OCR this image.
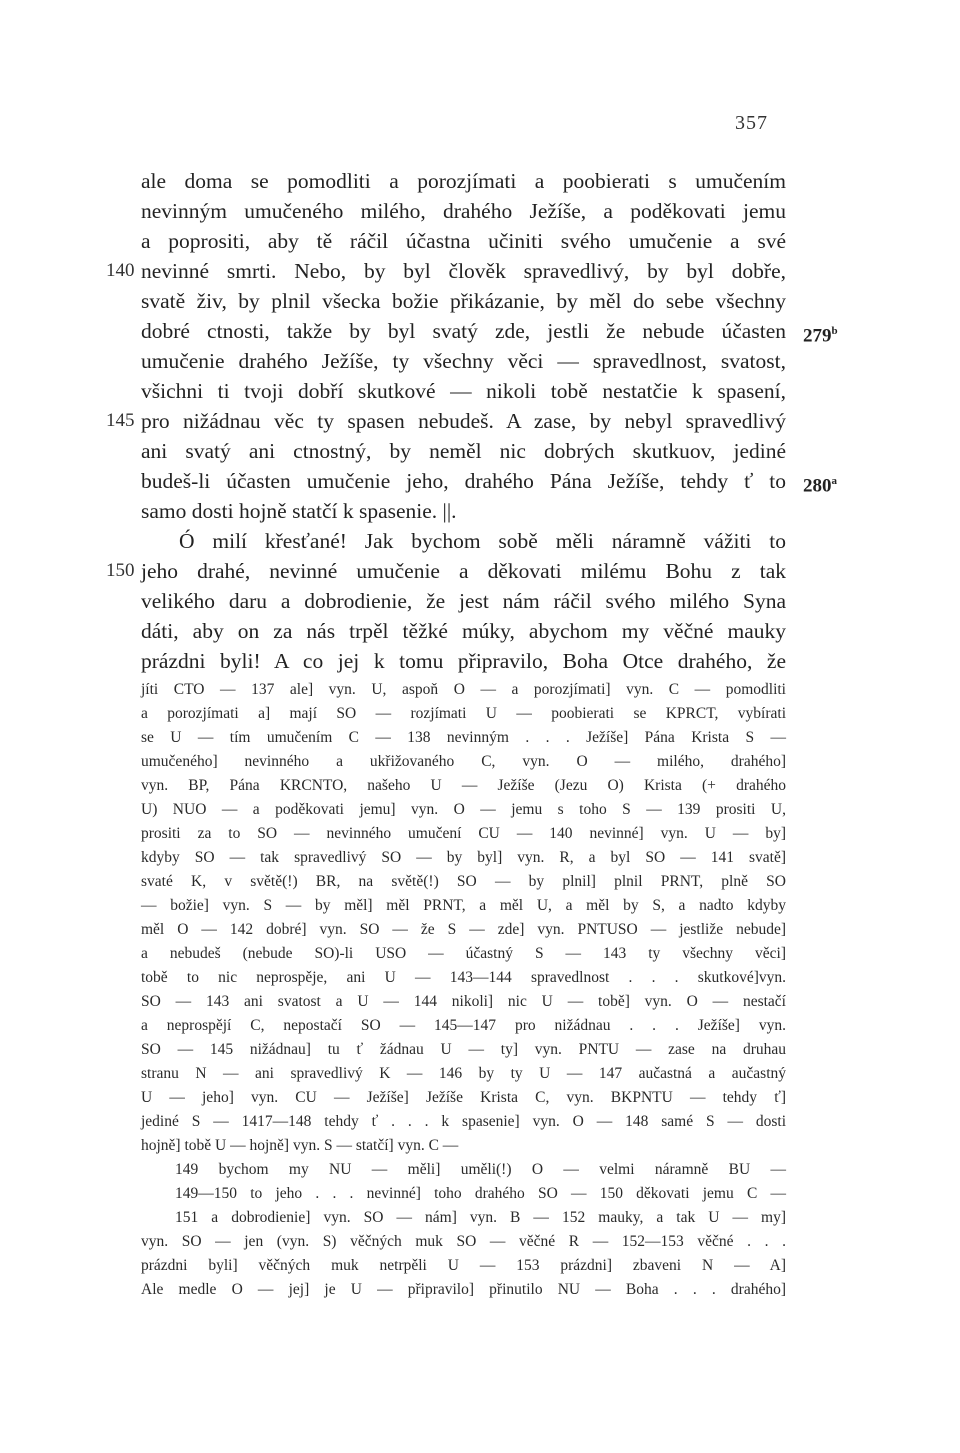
357
ale doma se pomodliti a porozjímati a poobierati s umučením
nevinným umučeného milého, drahého Ježíše, a poděkovati jemu
a poprositi, aby tě ráčil účastna učiniti svého umučenie a své
nevinné smrti. Nebo, by byl člověk spravedlivý, by byl dobře,
svatě živ, by plnil všecka božie přikázanie, by měl do sebe všechny
dobré ctnosti, takže by byl svatý zde, jestli že nebude účasten
umučenie drahého Ježíše, ty všechny věci — spravedlnost, svatost,
všichni ti tvoji dobří skutkové — nikoli tobě nestatčie k spasení,
pro nižádnau věc ty spasen nebudeš. A zase, by nebyl spravedlivý
ani svatý ani ctnostný, by neměl nic dobrých skutkuov, jediné
budeš-li účasten umučenie jeho, drahého Pána Ježíše, tehdy ť to
samo dosti hojně statčí k spasenie. ||.
Ó milí křesťané! Jak bychom sobě měli náramně vážiti to
jeho drahé, nevinné umučenie a děkovati milému Bohu z tak
velikého daru a dobrodienie, že jest nám ráčil svého milého Syna
dáti, aby on za nás trpěl těžké múky, abychom my věčné mauky
prázdni byli! A co jej k tomu připravilo, Boha Otce drahého, že
140
145
150
279$^b$
280$^a$
jíti CTO — 137 ale] vyn. U, aspoň O — a porozjímati] vyn. C — pomodliti
a porozjímati a] mají SO — rozjímati U — poobierati se KPRCT, vybírati
se U — tím umučením C — 138 nevinným . . . Ježíše] Pána Krista S —
umučeného] nevinného a ukřižovaného C, vyn. O — milého, drahého]
vyn. BP, Pána KRCNTO, našeho U — Ježíše (Jezu O) Krista (+ drahého
U) NUO — a poděkovati jemu] vyn. O — jemu s toho S — 139 prositi U,
prositi za to SO — nevinného umučení CU — 140 nevinné] vyn. U — by]
kdyby SO — tak spravedlivý SO — by byl] vyn. R, a byl SO — 141 svatě]
svaté K, v světě(!) BR, na světě(!) SO — by plnil] plnil PRNT, plně SO
— božie] vyn. S — by měl] měl PRNT, a měl U, a měl by S, a nadto kdyby
měl O — 142 dobré] vyn. SO — že S — zde] vyn. PNTUSO — jestliže nebude]
a nebudeš (nebude SO)-li USO — účastný S — 143 ty všechny věci]
tobě to nic neprospěje, ani U — 143—144 spravedlnost . . . skutkové]vyn.
SO — 143 ani svatost a U — 144 nikoli] nic U — tobě] vyn. O — nestačí
a neprospějí C, nepostačí SO — 145—147 pro nižádnau . . . Ježíše] vyn.
SO — 145 nižádnau] tu ť žádnau U — ty] vyn. PNTU — zase na druhau
stranu N — ani spravedlivý K — 146 by ty U — 147 aučastná a aučastný
U — jeho] vyn. CU — Ježíše] Ježíše Krista C, vyn. BKPNTU — tehdy ť]
jediné S — 1417—148 tehdy ť . . . k spasenie] vyn. O — 148 samé S — dosti
hojně] tobě U — hojně] vyn. S — statčí] vyn. C —
149 bychom my NU — měli] uměli(!) O — velmi náramně BU —
149—150 to jeho . . . nevinné] toho drahého SO — 150 děkovati jemu C —
151 a dobrodienie] vyn. SO — nám] vyn. B — 152 mauky, a tak U — my]
vyn. SO — jen (vyn. S) věčných muk SO — věčné R — 152—153 věčné . . .
prázdni byli] věčných muk netrpěli U — 153 prázdni] zbaveni N — A]
Ale medle O — jej] je U — připravilo] přinutilo NU — Boha . . . drahého]
